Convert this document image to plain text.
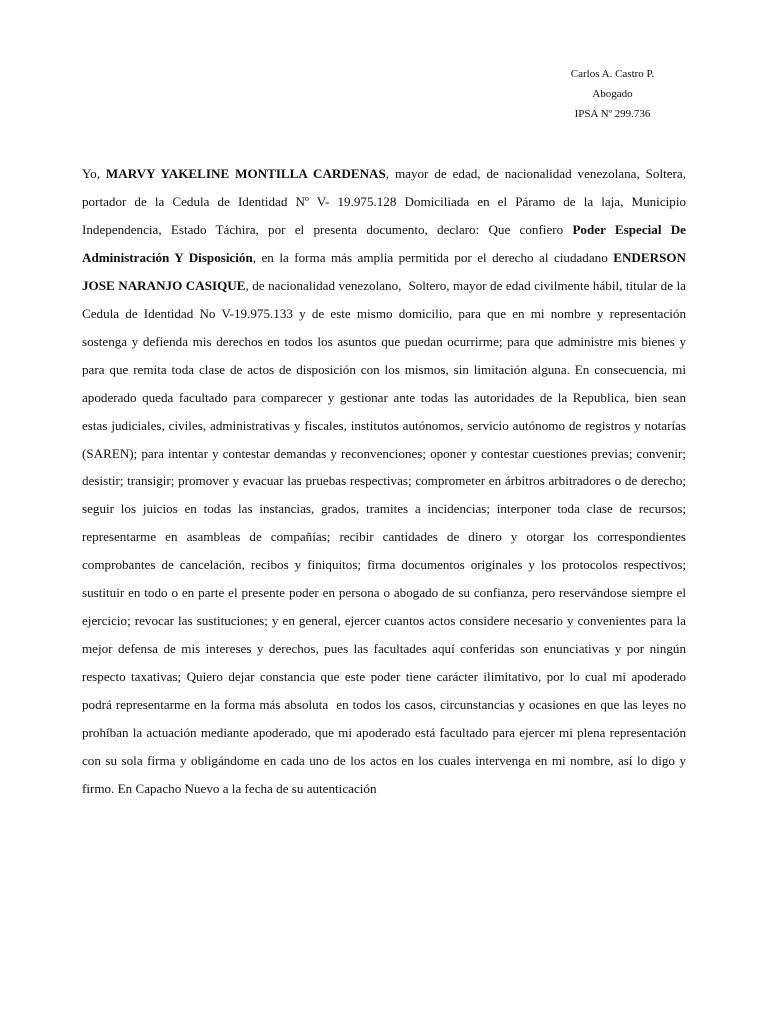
Carlos A. Castro P.
Abogado
IPSA Nº 299.736

Yo, MARVY YAKELINE MONTILLA CARDENAS, mayor de edad, de nacionalidad venezolana, Soltera, portador de la Cedula de Identidad Nº V- 19.975.128 Domiciliada en el Páramo de la laja, Municipio Independencia, Estado Táchira, por el presenta documento, declaro: Que confiero Poder Especial De Administración Y Disposición, en la forma más amplia permitida por el derecho al ciudadano ENDERSON JOSE NARANJO CASIQUE, de nacionalidad venezolano,  Soltero, mayor de edad civilmente hábil, titular de la Cedula de Identidad No V-19.975.133 y de este mismo domicilio, para que en mi nombre y representación sostenga y defienda mis derechos en todos los asuntos que puedan ocurrirme; para que administre mis bienes y para que remita toda clase de actos de disposición con los mismos, sin limitación alguna. En consecuencia, mi apoderado queda facultado para comparecer y gestionar ante todas las autoridades de la Republica, bien sean   estas judiciales, civiles, administrativas y fiscales, institutos autónomos, servicio autónomo de registros y notarías (SAREN); para intentar y contestar demandas y reconvenciones; oponer y contestar cuestiones previas; convenir; desistir; transigir; promover y evacuar las pruebas respectivas; comprometer en árbitros arbitradores o de derecho; seguir los juicios en todas las instancias, grados, tramites a incidencias; interponer toda clase de recursos; representarme en asambleas de compañías; recibir cantidades de dinero y otorgar los correspondientes comprobantes de cancelación, recibos y finiquitos; firma documentos originales y los protocolos respectivos; sustituir en todo o en parte el presente poder en persona o abogado de su confianza, pero reservándose siempre el ejercicio; revocar las sustituciones; y en general, ejercer cuantos actos considere necesario y convenientes para la mejor defensa de mis intereses y derechos, pues las facultades aquí conferidas son enunciativas y por ningún respecto taxativas; Quiero dejar constancia que este poder tiene carácter ilimitativo, por lo cual mi apoderado podrá representarme en la forma más absoluta  en todos los casos, circunstancias y ocasiones en que las leyes no prohíban la actuación mediante apoderado, que mi apoderado está facultado para ejercer mi plena representación con su sola firma y obligándome en cada uno de los actos en los cuales intervenga en mi nombre, así lo digo y firmo. En Capacho Nuevo a la fecha de su autenticación
